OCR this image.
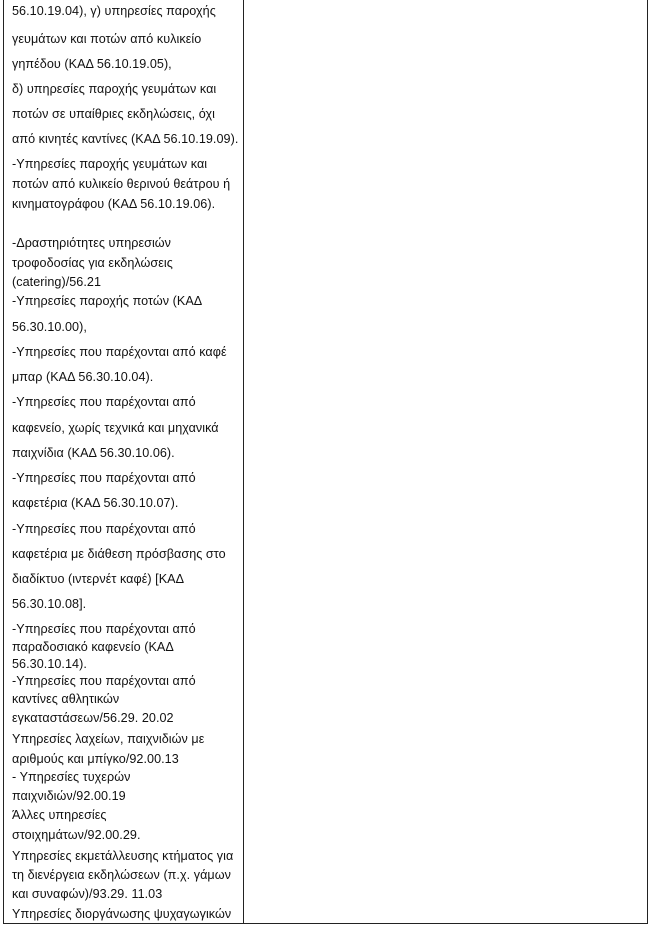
56.10.19.04), γ) υπηρεσίες παροχής
γευμάτων και ποτών από κυλικείο
γηπέδου (ΚΑΔ 56.10.19.05),
δ) υπηρεσίες παροχής γευμάτων και
ποτών σε υπαίθριες εκδηλώσεις, όχι
από κινητές καντίνες (ΚΑΔ 56.10.19.09).
-Υπηρεσίες παροχής γευμάτων και
ποτών από κυλικείο θερινού θεάτρου ή
κινηματογράφου (ΚΑΔ 56.10.19.06).
-Δραστηριότητες υπηρεσιών
τροφοδοσίας για εκδηλώσεις
(catering)/56.21
-Υπηρεσίες παροχής ποτών (ΚΑΔ
56.30.10.00),
-Υπηρεσίες που παρέχονται από καφέ
μπαρ (ΚΑΔ 56.30.10.04).
-Υπηρεσίες που παρέχονται από
καφενείο, χωρίς τεχνικά και μηχανικά
παιχνίδια (ΚΑΔ 56.30.10.06).
-Υπηρεσίες που παρέχονται από
καφετέρια (ΚΑΔ 56.30.10.07).
-Υπηρεσίες που παρέχονται από
καφετέρια με διάθεση πρόσβασης στο
διαδίκτυο (ιντερνέτ καφέ) [ΚΑΔ
56.30.10.08].
-Υπηρεσίες που παρέχονται από
παραδοσιακό καφενείο (ΚΑΔ
56.30.10.14).
-Υπηρεσίες που παρέχονται από
καντίνες αθλητικών
εγκαταστάσεων/56.29. 20.02
Υπηρεσίες λαχείων, παιχνιδιών με
αριθμούς και μπίγκο/92.00.13
- Υπηρεσίες τυχερών
παιχνιδιών/92.00.19
Άλλες υπηρεσίες
στοιχημάτων/92.00.29.
Υπηρεσίες εκμετάλλευσης κτήματος για
τη διενέργεια εκδηλώσεων (π.χ. γάμων
και συναφών)/93.29. 11.03
Υπηρεσίες διοργάνωσης ψυχαγωγικών
